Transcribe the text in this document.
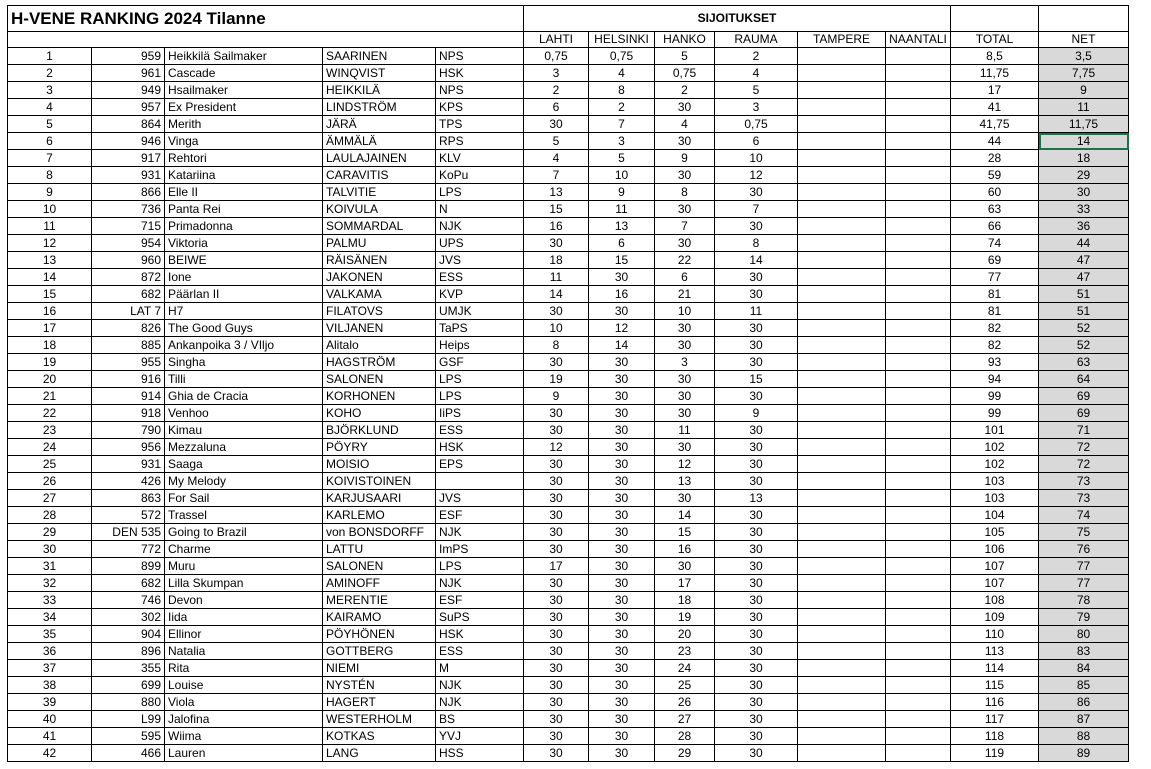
H-VENE RANKING 2024 Tilanne					SIJOITUKSET							
					LAHTI	HELSINKI	HANKO	RAUMA	TAMPERE	NAANTALI	TOTAL	NET
1	959	Heikkilä Sailmaker	SAARINEN	NPS	0,75	0,75	5	2			8,5	3,5
2	961	Cascade	WINQVIST	HSK	3	4	0,75	4			11,75	7,75
3	949	Hsailmaker	HEIKKILÄ	NPS	2	8	2	5			17	9
4	957	Ex President	LINDSTRÖM	KPS	6	2	30	3			41	11
5	864	Merith	JÄRÄ	TPS	30	7	4	0,75			41,75	11,75
6	946	Vinga	ÄMMÄLÄ	RPS	5	3	30	6			44	14
7	917	Rehtori	LAULAJAINEN	KLV	4	5	9	10			28	18
8	931	Katariina	CARAVITIS	KoPu	7	10	30	12			59	29
9	866	Elle II	TALVITIE	LPS	13	9	8	30			60	30
10	736	Panta Rei	KOIVULA	N	15	11	30	7			63	33
11	715	Primadonna	SOMMARDAL	NJK	16	13	7	30			66	36
12	954	Viktoria	PALMU	UPS	30	6	30	8			74	44
13	960	BEIWE	RÄISÄNEN	JVS	18	15	22	14			69	47
14	872	Ione	JAKONEN	ESS	11	30	6	30			77	47
15	682	Päärlan II	VALKAMA	KVP	14	16	21	30			81	51
16	LAT 7	H7	FILATOVS	UMJK	30	30	10	11			81	51
17	826	The Good Guys	VILJANEN	TaPS	10	12	30	30			82	52
18	885	Ankanpoika 3 / VIljo	Alitalo	Heips	8	14	30	30			82	52
19	955	Singha	HAGSTRÖM	GSF	30	30	3	30			93	63
20	916	Tilli	SALONEN	LPS	19	30	30	15			94	64
21	914	Ghia de Cracia	KORHONEN	LPS	9	30	30	30			99	69
22	918	Venhoo	KOHO	IiPS	30	30	30	9			99	69
23	790	Kimau	BJÖRKLUND	ESS	30	30	11	30			101	71
24	956	Mezzaluna	PÖYRY	HSK	12	30	30	30			102	72
25	931	Saaga	MOISIO	EPS	30	30	12	30			102	72
26	426	My Melody	KOIVISTOINEN		30	30	13	30			103	73
27	863	For Sail	KARJUSAARI	JVS	30	30	30	13			103	73
28	572	Trassel	KARLEMO	ESF	30	30	14	30			104	74
29	DEN 535	Going to Brazil	von BONSDORFF	NJK	30	30	15	30			105	75
30	772	Charme	LATTU	ImPS	30	30	16	30			106	76
31	899	Muru	SALONEN	LPS	17	30	30	30			107	77
32	682	Lilla Skumpan	AMINOFF	NJK	30	30	17	30			107	77
33	746	Devon	MERENTIE	ESF	30	30	18	30			108	78
34	302	Iida	KAIRAMO	SuPS	30	30	19	30			109	79
35	904	Ellinor	PÖYHÖNEN	HSK	30	30	20	30			110	80
36	896	Natalia	GOTTBERG	ESS	30	30	23	30			113	83
37	355	Rita	NIEMI	M	30	30	24	30			114	84
38	699	Louise	NYSTÉN	NJK	30	30	25	30			115	85
39	880	Viola	HAGERT	NJK	30	30	26	30			116	86
40	L99	Jalofina	WESTERHOLM	BS	30	30	27	30			117	87
41	595	Wiima	KOTKAS	YVJ	30	30	28	30			118	88
42	466	Lauren	LANG	HSS	30	30	29	30			119	89
